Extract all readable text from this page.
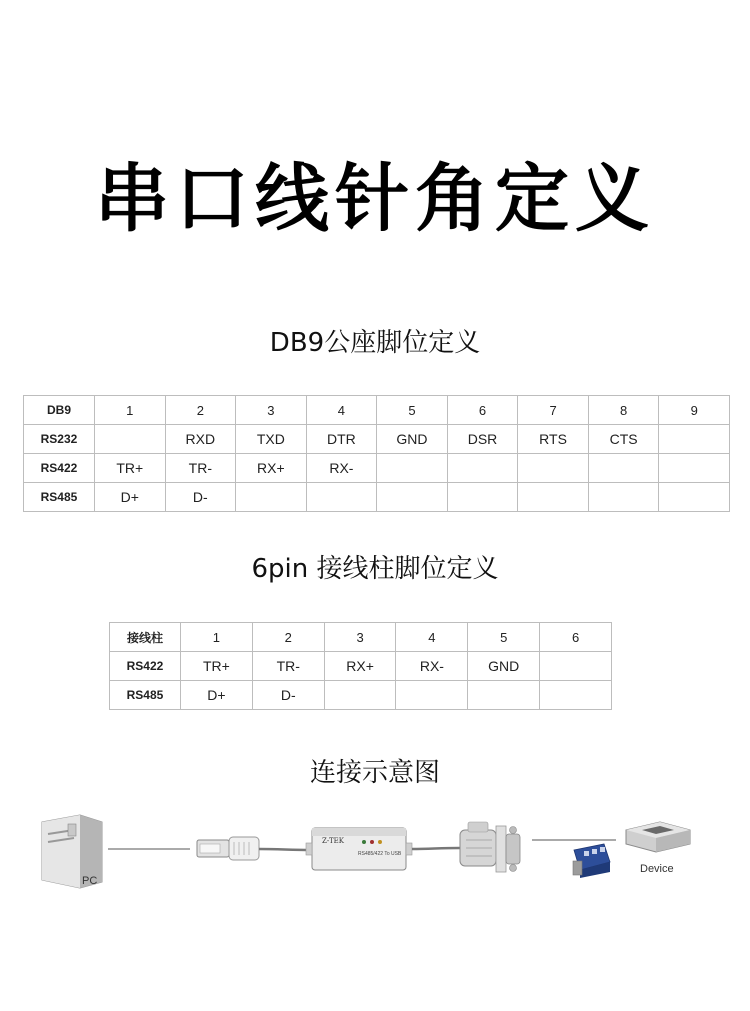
串口线针角定义
DB9公座脚位定义
DB9	1	2	3	4	5	6	7	8	9
RS232		RXD	TXD	DTR	GND	DSR	RTS	CTS	
RS422	TR+	TR-	RX+	RX-					
RS485	D+	D-							
6pin 接线柱脚位定义
接线柱	1	2	3	4	5	6
RS422	TR+	TR-	RX+	RX-	GND	
RS485	D+	D-				
连接示意图
PC
Z-TEK
RS485/422 To USB
Device
